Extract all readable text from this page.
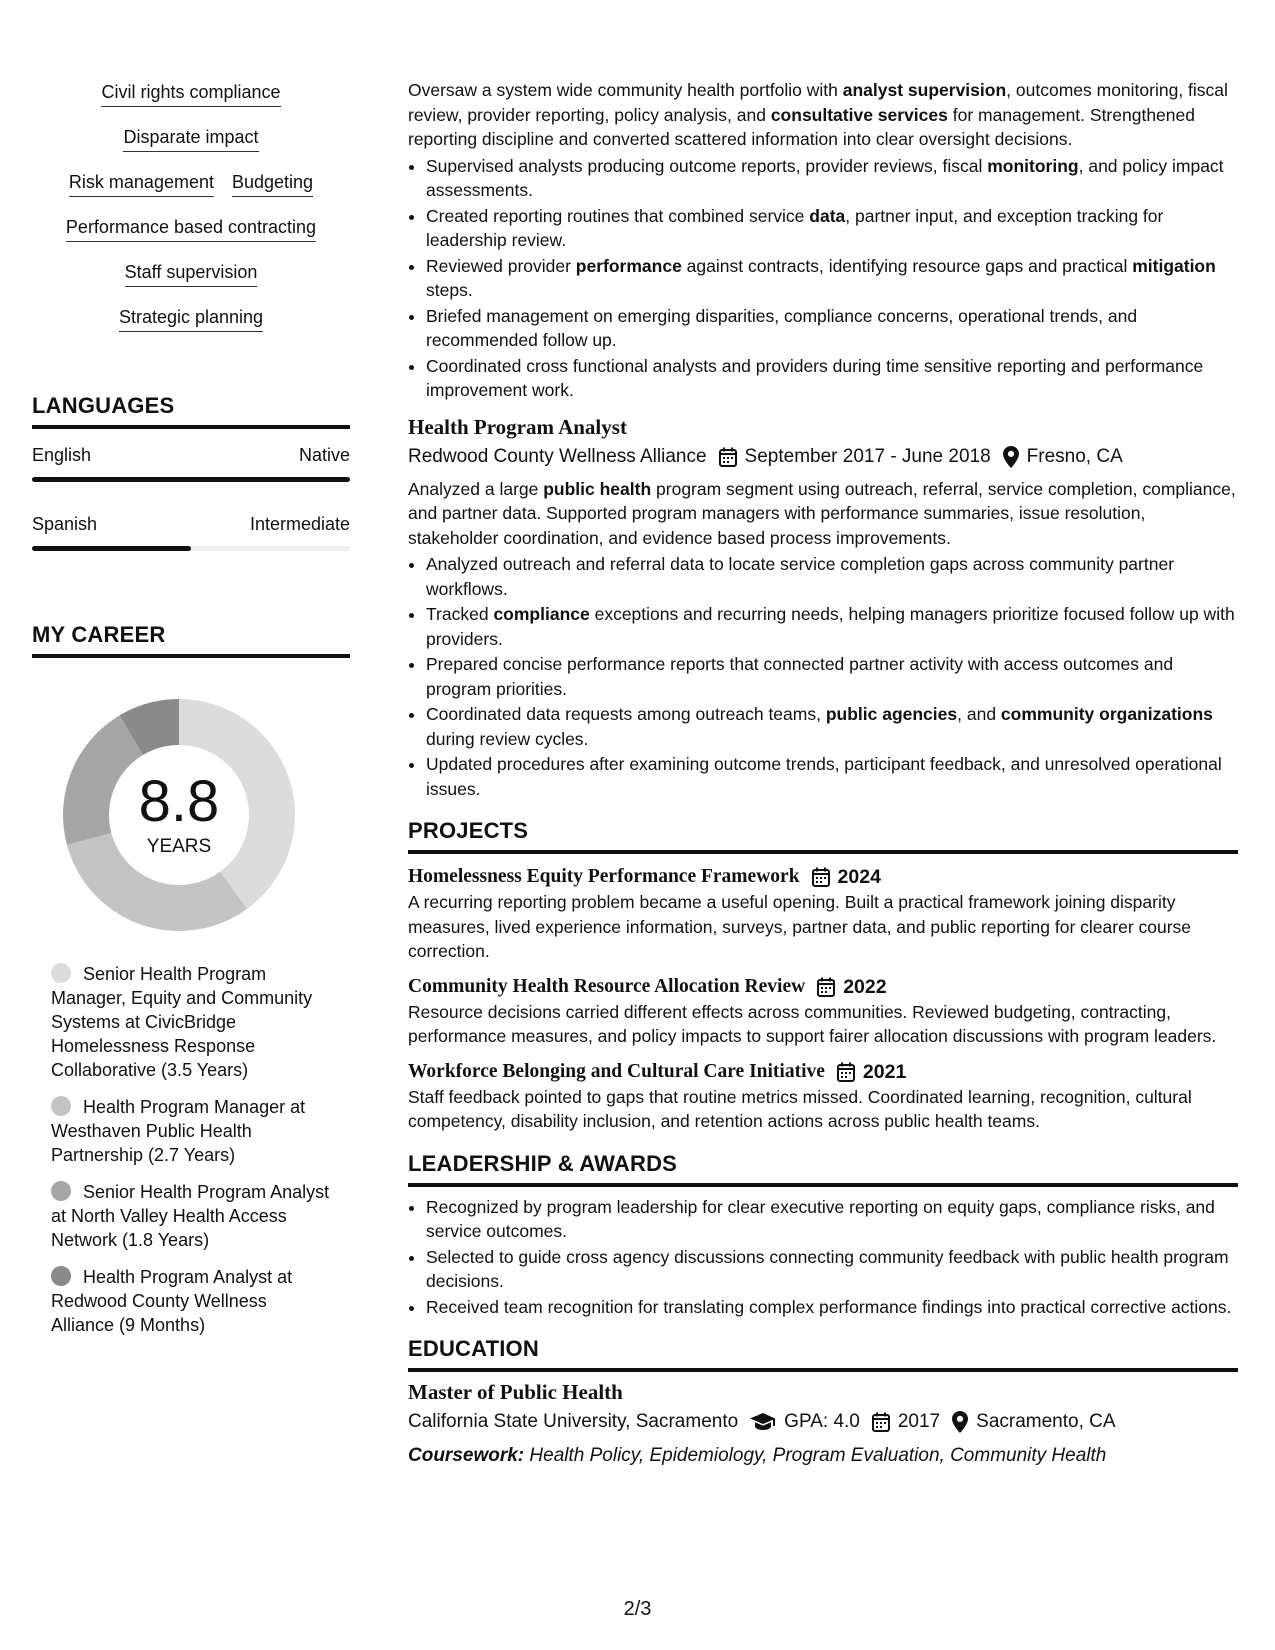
Civil rights compliance
Disparate impact
Risk management Budgeting
Performance based contracting
Staff supervision
Strategic planning
LANGUAGES
English	Native
Spanish	Intermediate
MY CAREER
8.8
YEARS
Senior Health Program Manager, Equity and Community Systems at CivicBridge Homelessness Response Collaborative (3.5 Years)
Health Program Manager at Westhaven Public Health Partnership (2.7 Years)
Senior Health Program Analyst at North Valley Health Access Network (1.8 Years)
Health Program Analyst at Redwood County Wellness Alliance (9 Months)

Oversaw a system wide community health portfolio with analyst supervision, outcomes monitoring, fiscal review, provider reporting, policy analysis, and consultative services for management. Strengthened reporting discipline and converted scattered information into clear oversight decisions.

• Supervised analysts producing outcome reports, provider reviews, fiscal monitoring, and policy impact assessments.
• Created reporting routines that combined service data, partner input, and exception tracking for leadership review.
• Reviewed provider performance against contracts, identifying resource gaps and practical mitigation steps.
• Briefed management on emerging disparities, compliance concerns, operational trends, and recommended follow up.
• Coordinated cross functional analysts and providers during time sensitive reporting and performance improvement work.
Health Program Analyst
Redwood County Wellness Alliance September 2017 - June 2018 Fresno, CA

Analyzed a large public health program segment using outreach, referral, service completion, compliance, and partner data. Supported program managers with performance summaries, issue resolution, stakeholder coordination, and evidence based process improvements.

• Analyzed outreach and referral data to locate service completion gaps across community partner workflows.
• Tracked compliance exceptions and recurring needs, helping managers prioritize focused follow up with providers.
• Prepared concise performance reports that connected partner activity with access outcomes and program priorities.
• Coordinated data requests among outreach teams, public agencies, and community organizations during review cycles.
• Updated procedures after examining outcome trends, participant feedback, and unresolved operational issues.
PROJECTS
Homelessness Equity Performance Framework 2024

A recurring reporting problem became a useful opening. Built a practical framework joining disparity measures, lived experience information, surveys, partner data, and public reporting for clearer course correction.

Community Health Resource Allocation Review 2022

Resource decisions carried different effects across communities. Reviewed budgeting, contracting, performance measures, and policy impacts to support fairer allocation discussions with program leaders.

Workforce Belonging and Cultural Care Initiative 2021

Staff feedback pointed to gaps that routine metrics missed. Coordinated learning, recognition, cultural competency, disability inclusion, and retention actions across public health teams.

LEADERSHIP & AWARDS
• Recognized by program leadership for clear executive reporting on equity gaps, compliance risks, and service outcomes.
• Selected to guide cross agency discussions connecting community feedback with public health program decisions.
• Received team recognition for translating complex performance findings into practical corrective actions.
EDUCATION
Master of Public Health
California State University, Sacramento GPA: 4.0 2017 Sacramento, CA
Coursework: Health Policy, Epidemiology, Program Evaluation, Community Health
2/3
